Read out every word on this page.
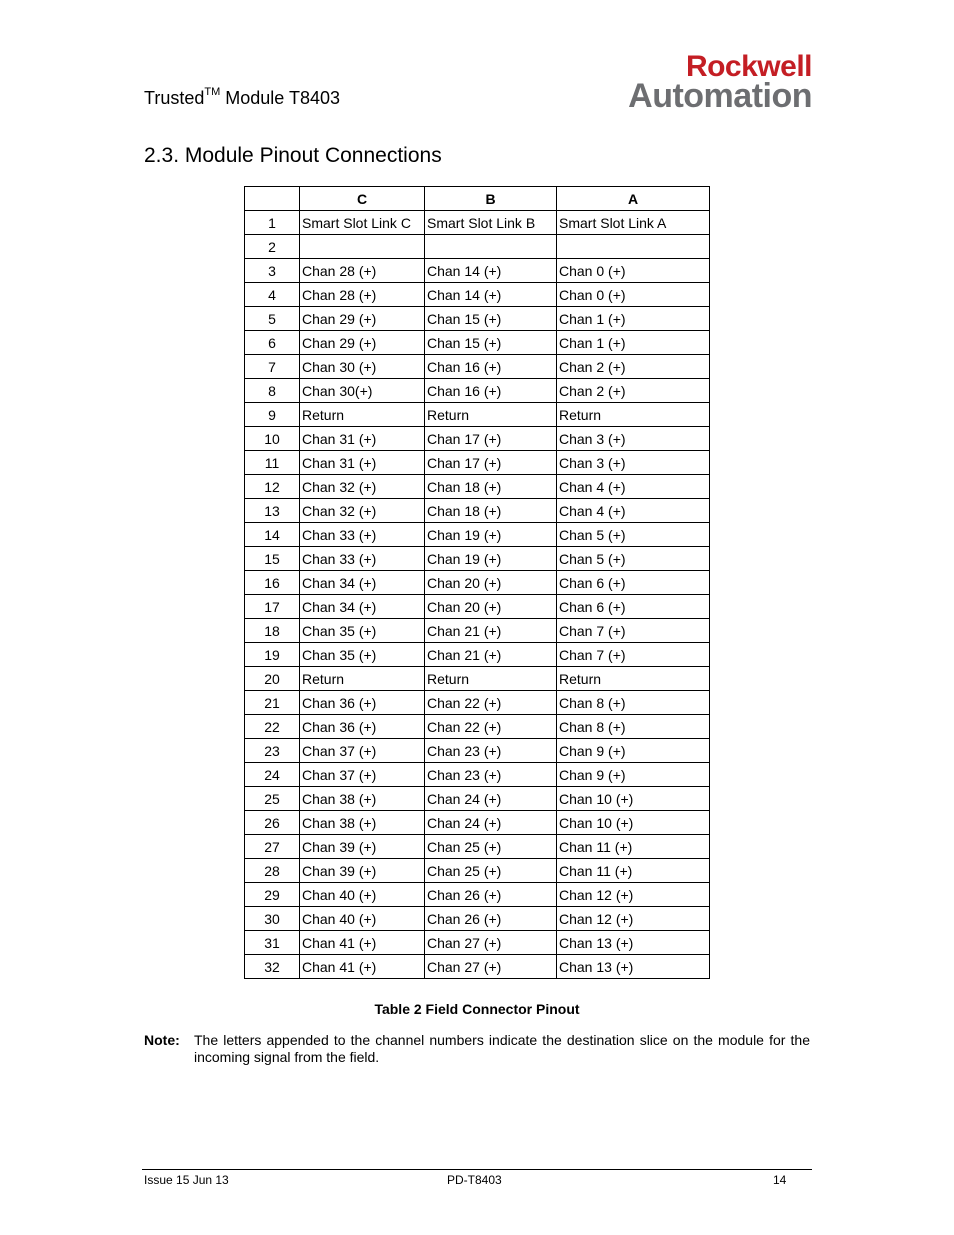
Trusted™ Module T8403
Rockwell
Automation
2.3. Module Pinout Connections
	C	B	A
1	Smart Slot Link C	Smart Slot Link B	Smart Slot Link A
2			
3	Chan 28 (+)	Chan 14 (+)	Chan 0 (+)
4	Chan 28 (+)	Chan 14 (+)	Chan 0 (+)
5	Chan 29 (+)	Chan 15 (+)	Chan 1 (+)
6	Chan 29 (+)	Chan 15 (+)	Chan 1 (+)
7	Chan 30 (+)	Chan 16 (+)	Chan 2 (+)
8	Chan 30(+)	Chan 16 (+)	Chan 2 (+)
9	Return	Return	Return
10	Chan 31 (+)	Chan 17 (+)	Chan 3 (+)
11	Chan 31 (+)	Chan 17 (+)	Chan 3 (+)
12	Chan 32 (+)	Chan 18 (+)	Chan 4 (+)
13	Chan 32 (+)	Chan 18 (+)	Chan 4 (+)
14	Chan 33 (+)	Chan 19 (+)	Chan 5 (+)
15	Chan 33 (+)	Chan 19 (+)	Chan 5 (+)
16	Chan 34 (+)	Chan 20 (+)	Chan 6 (+)
17	Chan 34 (+)	Chan 20 (+)	Chan 6 (+)
18	Chan 35 (+)	Chan 21 (+)	Chan 7 (+)
19	Chan 35 (+)	Chan 21 (+)	Chan 7 (+)
20	Return	Return	Return
21	Chan 36 (+)	Chan 22 (+)	Chan 8 (+)
22	Chan 36 (+)	Chan 22 (+)	Chan 8 (+)
23	Chan 37 (+)	Chan 23 (+)	Chan 9 (+)
24	Chan 37 (+)	Chan 23 (+)	Chan 9 (+)
25	Chan 38 (+)	Chan 24 (+)	Chan 10 (+)
26	Chan 38 (+)	Chan 24 (+)	Chan 10 (+)
27	Chan 39 (+)	Chan 25 (+)	Chan 11 (+)
28	Chan 39 (+)	Chan 25 (+)	Chan 11 (+)
29	Chan 40 (+)	Chan 26 (+)	Chan 12 (+)
30	Chan 40 (+)	Chan 26 (+)	Chan 12 (+)
31	Chan 41 (+)	Chan 27 (+)	Chan 13 (+)
32	Chan 41 (+)	Chan 27 (+)	Chan 13 (+)
Table 2 Field Connector Pinout
Note: The letters appended to the channel numbers indicate the destination slice on the module for the incoming signal from the field.
Issue 15 Jun 13	PD-T8403	14
